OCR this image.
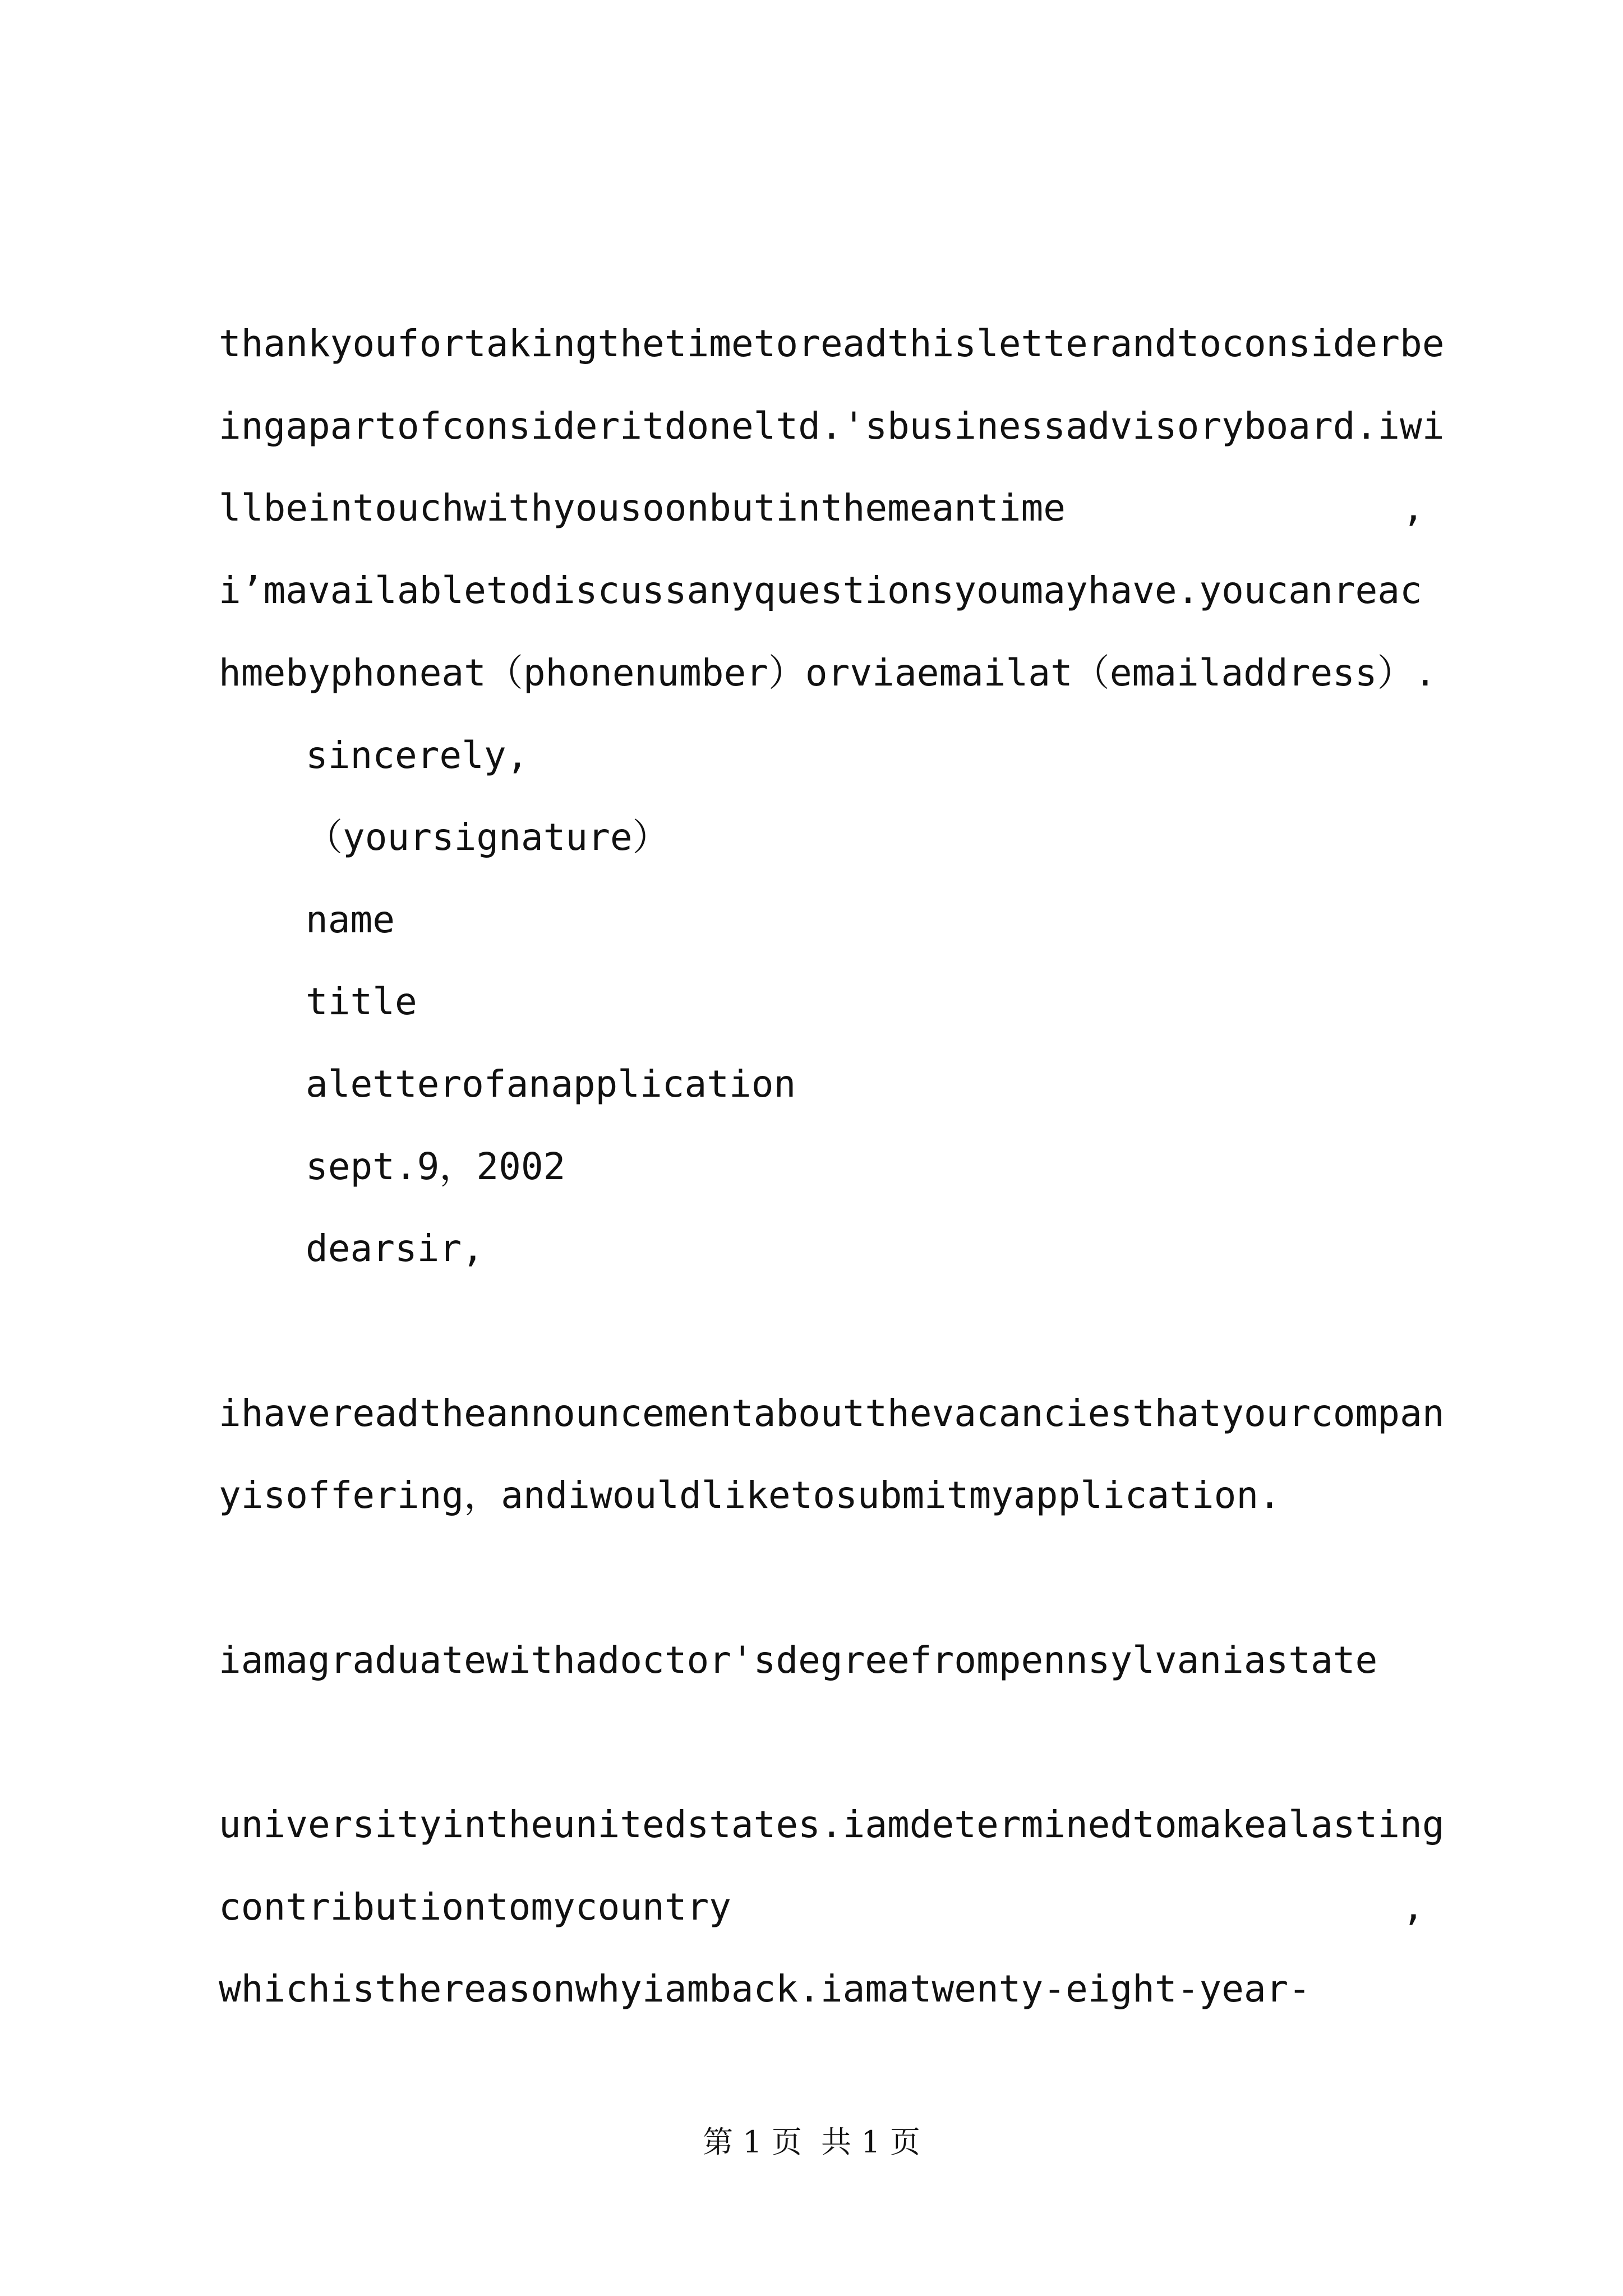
thankyoufortakingthetimetoreadthisletterandtoconsiderbe

ingapartofconsideritdoneltd.'sbusinessadvisoryboard.iwi

llbeintouchwithyousoonbutinthemeantime	,

i’mavailabletodiscussanyquestionsyoumayhave.youcanreac

hmebyphoneat（phonenumber）orviaemailat（emailaddress）.

sincerely,

（yoursignature）

name

title

aletterofanapplication

sept.9，2002

dearsir,

ihavereadtheannouncementaboutthevacanciesthatyourcompan

yisoffering，andiwouldliketosubmitmyapplication.

iamagraduatewithadoctor'sdegreefrompennsylvaniastate

universityintheunitedstates.iamdeterminedtomakealasting

contributiontomycountry	,

whichisthereasonwhyiamback.iamatwenty-eight-year-

第 1 页  共 1 页
